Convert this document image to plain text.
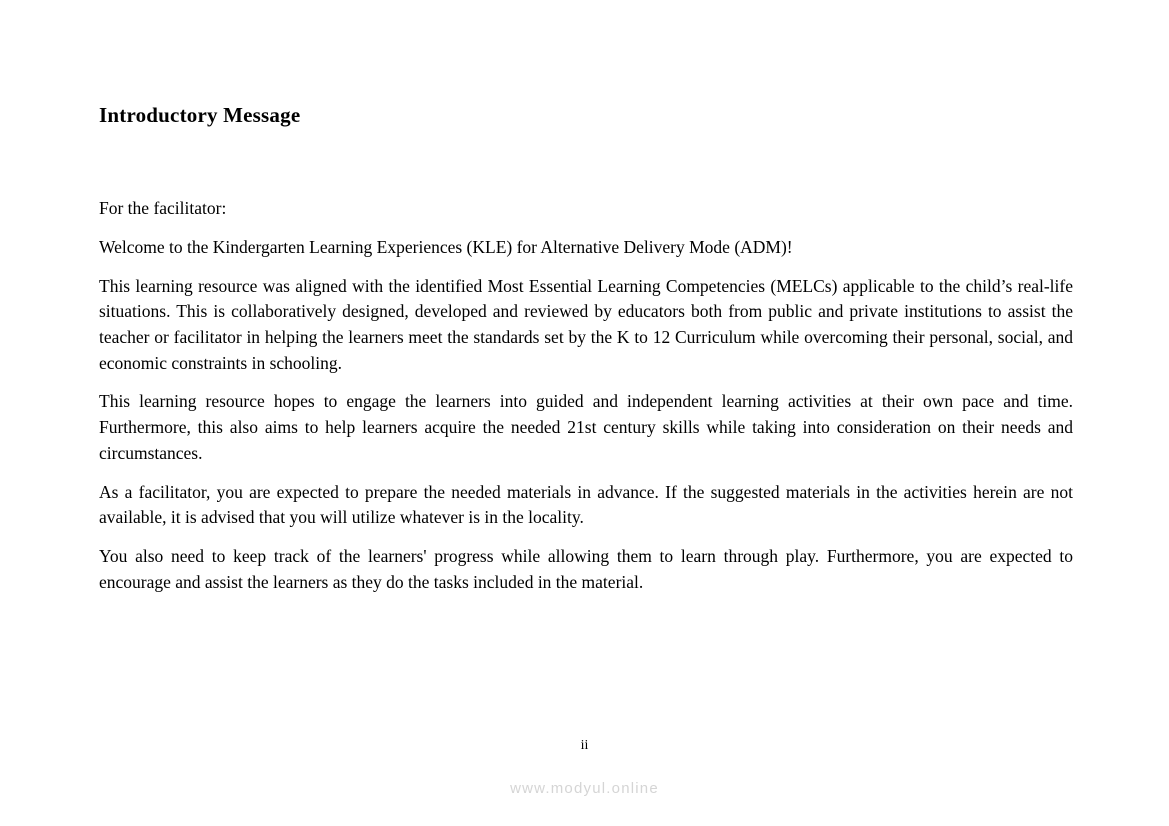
Introductory Message

For the facilitator:

Welcome to the Kindergarten Learning Experiences (KLE) for Alternative Delivery Mode (ADM)!

This learning resource was aligned with the identified Most Essential Learning Competencies (MELCs) applicable to the child’s real-life situations. This is collaboratively designed, developed and reviewed by educators both from public and private institutions to assist the teacher or facilitator in helping the learners meet the standards set by the K to 12 Curriculum while overcoming their personal, social, and economic constraints in schooling.

This learning resource hopes to engage the learners into guided and independent learning activities at their own pace and time. Furthermore, this also aims to help learners acquire the needed 21st century skills while taking into consideration on their needs and circumstances.

As a facilitator, you are expected to prepare the needed materials in advance. If the suggested materials in the activities herein are not available, it is advised that you will utilize whatever is in the locality.

You also need to keep track of the learners' progress while allowing them to learn through play. Furthermore, you are expected to encourage and assist the learners as they do the tasks included in the material.

ii
www.modyul.online
